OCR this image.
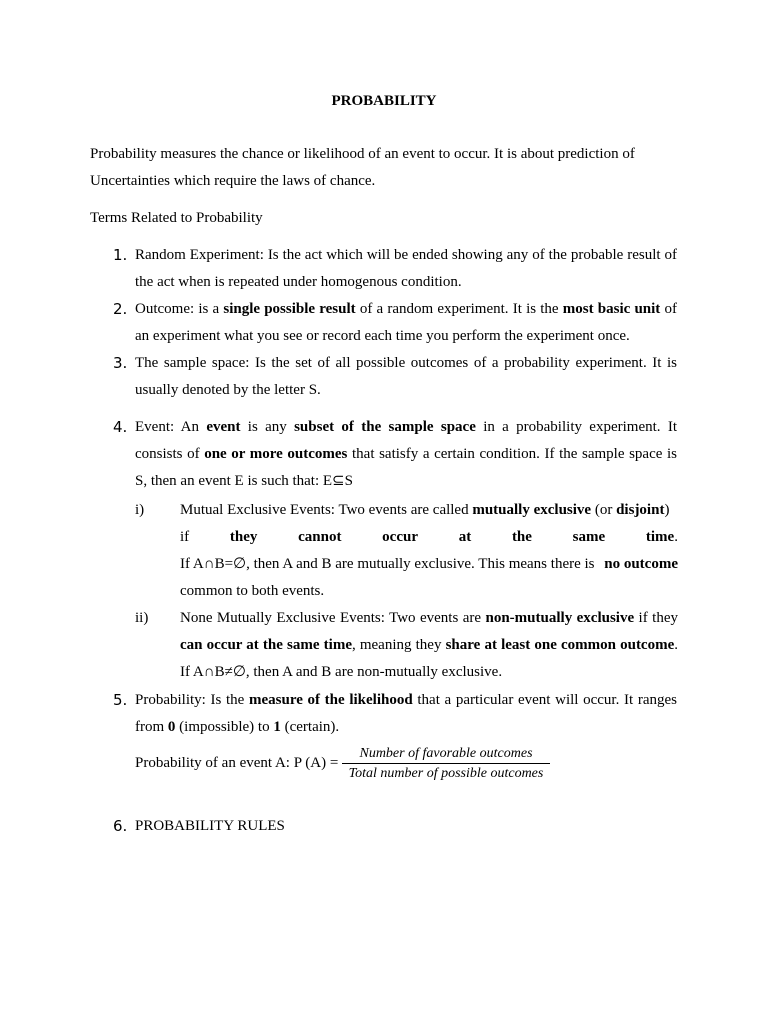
PROBABILITY
Probability measures the chance or likelihood of an event to occur. It is about prediction of
Uncertainties which require the laws of chance.
Terms Related to Probability
1. Random Experiment: Is the act which will be ended showing any of the probable result of the act when is repeated under homogenous condition.
2. Outcome: is a single possible result of a random experiment. It is the most basic unit of an experiment what you see or record each time you perform the experiment once.
3. The sample space: Is the set of all possible outcomes of a probability experiment. It is usually denoted by the letter S.
4. Event: An event is any subset of the sample space in a probability experiment. It consists of one or more outcomes that satisfy a certain condition. If the sample space is S, then an event E is such that: E⊆S
i)	Mutual Exclusive Events: Two events are called mutually exclusive (or disjoint)
if	they	cannot	occur	at	the	same	time.
If A∩B=∅, then A and B are mutually exclusive. This means there is no outcome
common to both events.
ii)	None Mutually Exclusive Events: Two events are non-mutually exclusive if they can occur at the same time, meaning they share at least one common outcome. If A∩B≠∅, then A and B are non-mutually exclusive.
5. Probability: Is the measure of the likelihood that a particular event will occur. It ranges from 0 (impossible) to 1 (certain).
Probability of an event A: P (A) =
Number of favorable outcomes
Total number of possible outcomes
6. PROBABILITY RULES
